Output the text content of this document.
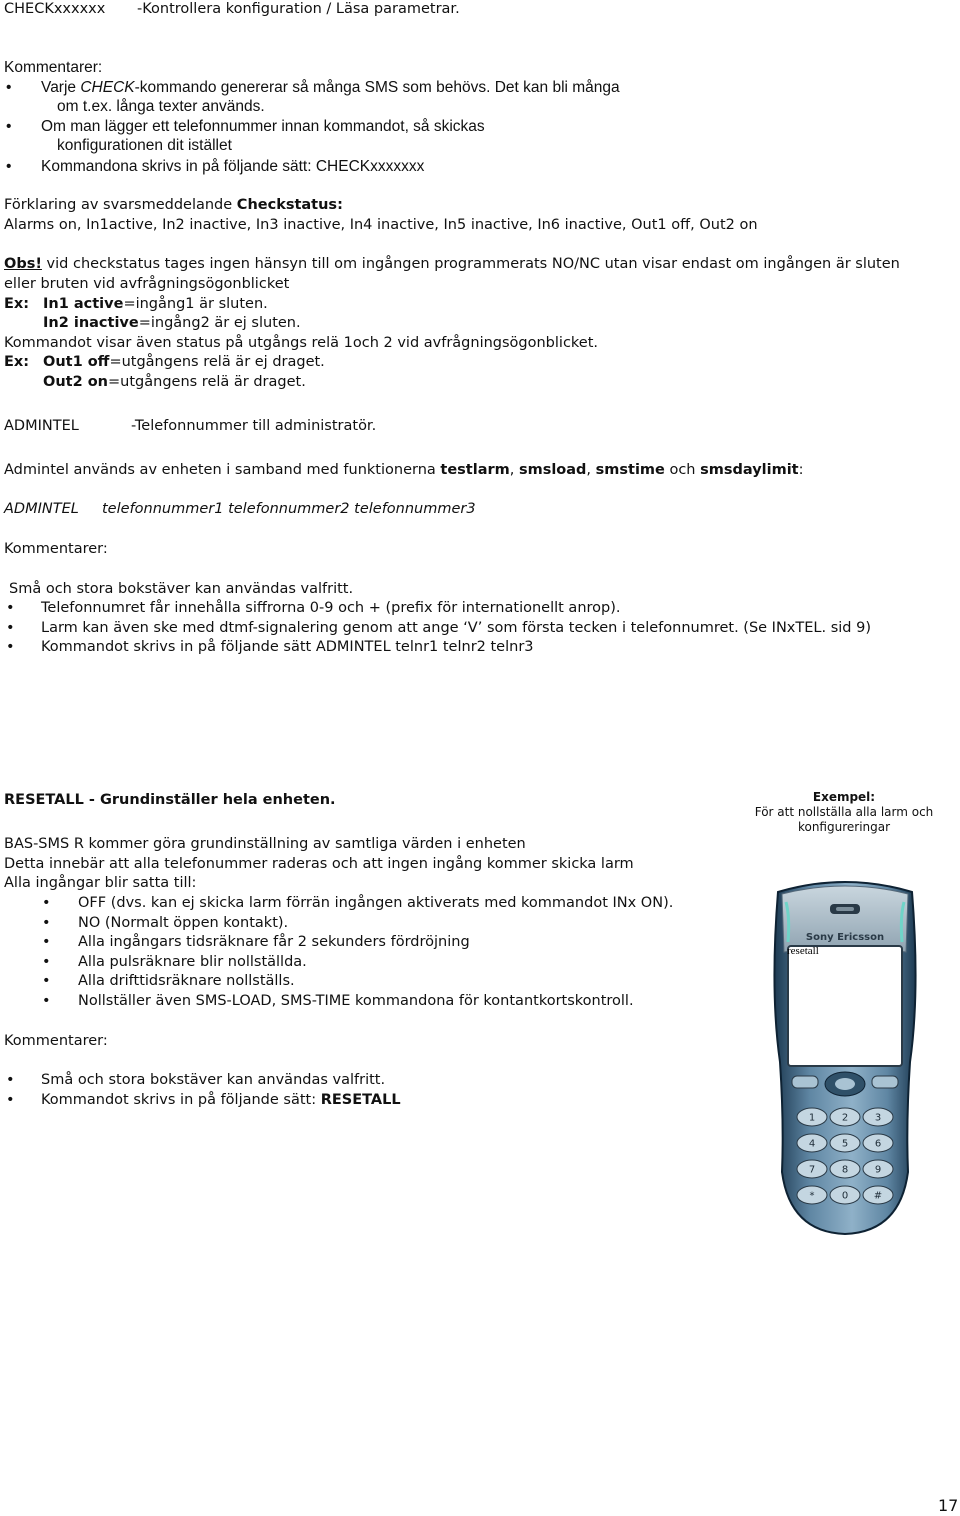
CHECKxxxxxx -Kontrollera konfiguration / Läsa parametrar.
Kommentarer:
• Varje CHECK-kommando genererar så många SMS som behövs. Det kan bli många
om t.ex. långa texter används.
• Om man lägger ett telefonnummer innan kommandot, så skickas
konfigurationen dit istället
• Kommandona skrivs in på följande sätt: CHECKxxxxxxx
Förklaring av svarsmeddelande Checkstatus:
Alarms on, In1active, In2 inactive, In3 inactive, In4 inactive, In5 inactive, In6 inactive, Out1 off, Out2 on
Obs! vid checkstatus tages ingen hänsyn till om ingången programmerats NO/NC utan visar endast om ingången är sluten
eller bruten vid avfrågningsögonblicket
Ex: In1 active=ingång1 är sluten.
In2 inactive=ingång2 är ej sluten.
Kommandot visar även status på utgångs relä 1och 2 vid avfrågningsögonblicket.
Ex: Out1 off=utgångens relä är ej draget.
Out2 on=utgångens relä är draget.
ADMINTEL	-Telefonnummer till administratör.
Admintel används av enheten i samband med funktionerna testlarm, smsload, smstime och smsdaylimit:
ADMINTEL telefonnummer1 telefonnummer2 telefonnummer3
Kommentarer:
Små och stora bokstäver kan användas valfritt.
• Telefonnumret får innehålla siffrorna 0-9 och + (prefix för internationellt anrop).
• Larm kan även ske med dtmf-signalering genom att ange ‘V’ som första tecken i telefonnumret. (Se INxTEL. sid 9)
• Kommandot skrivs in på följande sätt ADMINTEL telnr1 telnr2 telnr3
RESETALL - Grundinställer hela enheten.
BAS-SMS R kommer göra grundinställning av samtliga värden i enheten
Detta innebär att alla telefonummer raderas och att ingen ingång kommer skicka larm
Alla ingångar blir satta till:
• OFF (dvs. kan ej skicka larm förrän ingången aktiverats med kommandot INx ON).
• NO (Normalt öppen kontakt).
• Alla ingångars tidsräknare får 2 sekunders fördröjning
• Alla pulsräknare blir nollställda.
• Alla drifttidsräknare nollställs.
• Nollställer även SMS-LOAD, SMS-TIME kommandona för kontantkortskontroll.
Kommentarer:
• Små och stora bokstäver kan användas valfritt.
• Kommandot skrivs in på följande sätt: RESETALL
Exempel:
För att nollställa alla larm och
konfigureringar
Sony Ericsson
1	2	3
4	5	6
7	8	9
*	0	#
resetall
17
